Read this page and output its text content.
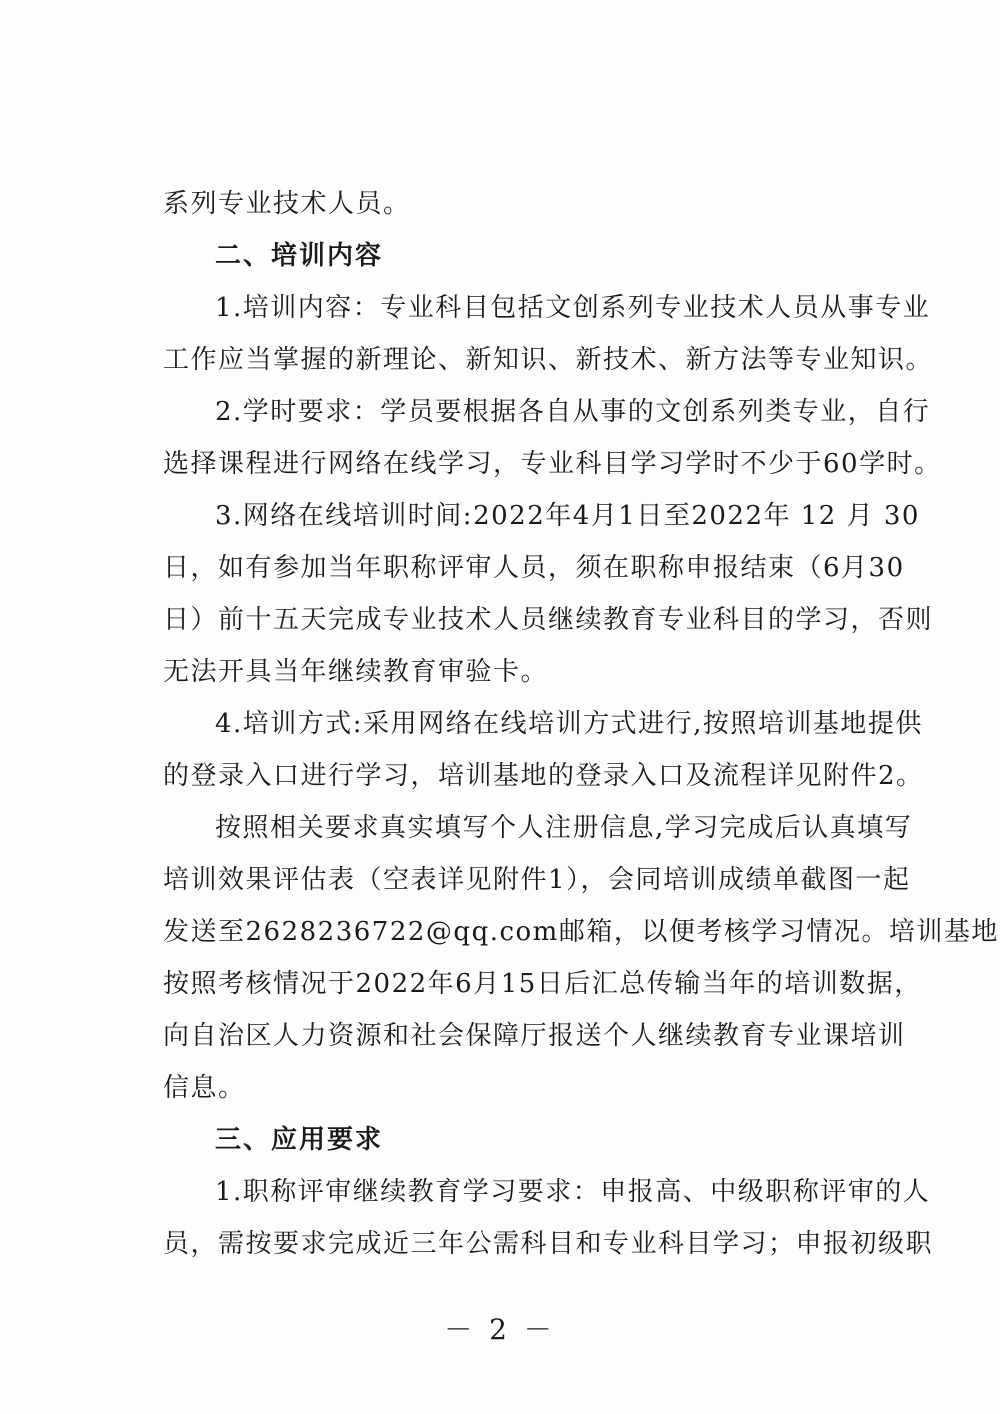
系列专业技术人员。
二、培训内容
1.培训内容：专业科目包括文创系列专业技术人员从事专业
工作应当掌握的新理论、新知识、新技术、新方法等专业知识。
2.学时要求：学员要根据各自从事的文创系列类专业，自行
选择课程进行网络在线学习，专业科目学习学时不少于60学时。
3.网络在线培训时间:2022年4月1日至2022年 12 月 30
日，如有参加当年职称评审人员，须在职称申报结束（6月30
日）前十五天完成专业技术人员继续教育专业科目的学习，否则
无法开具当年继续教育审验卡。
4.培训方式:采用网络在线培训方式进行,按照培训基地提供
的登录入口进行学习，培训基地的登录入口及流程详见附件2。
按照相关要求真实填写个人注册信息,学习完成后认真填写
培训效果评估表（空表详见附件1），会同培训成绩单截图一起
发送至2628236722@qq.com邮箱，以便考核学习情况。培训基地
按照考核情况于2022年6月15日后汇总传输当年的培训数据，
向自治区人力资源和社会保障厅报送个人继续教育专业课培训
信息。
三、应用要求
1.职称评审继续教育学习要求：申报高、中级职称评审的人
员，需按要求完成近三年公需科目和专业科目学习；申报初级职
－ 2 －
